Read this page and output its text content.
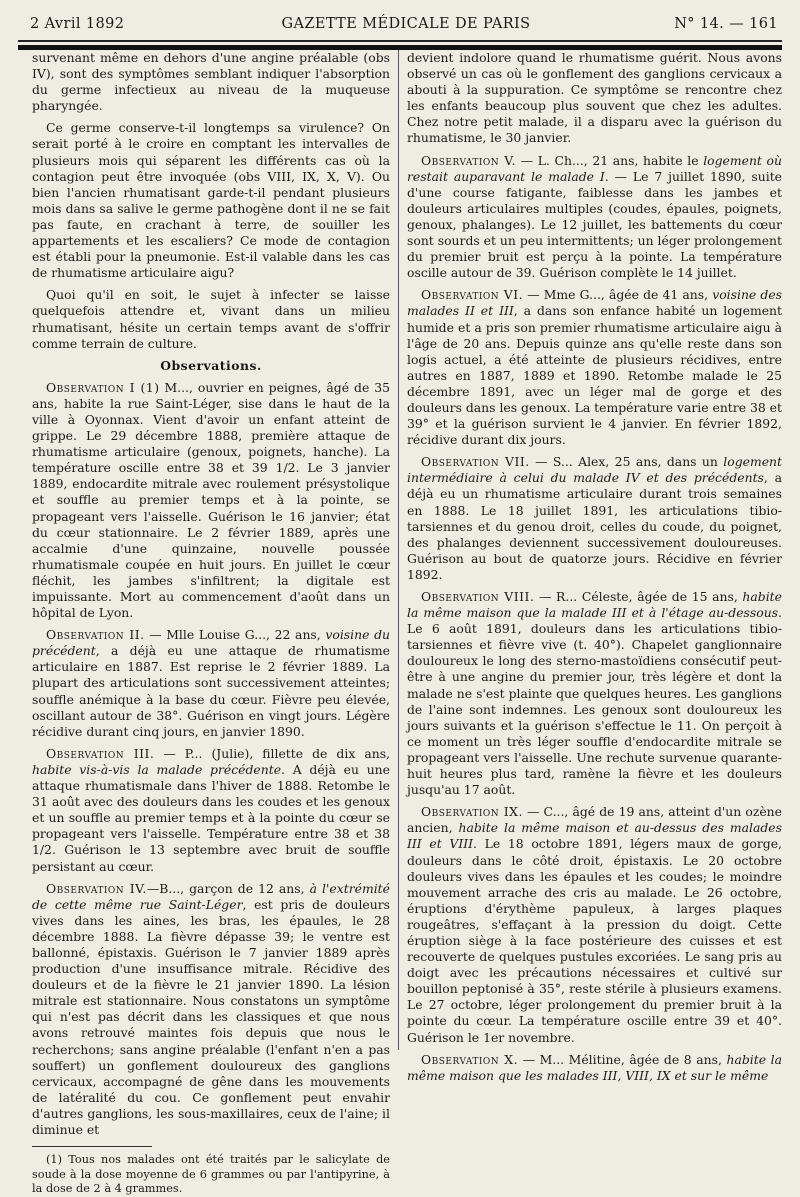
2 Avril 1892	GAZETTE MÉDICALE DE PARIS	N° 14. — 161

survenant même en dehors d'une angine préalable (obs IV), sont des symptômes semblant indiquer l'absorption du germe infectieux au niveau de la muqueuse pharyngée.

Ce germe conserve-t-il longtemps sa virulence? On serait porté à le croire en comptant les intervalles de plusieurs mois qui séparent les différents cas où la contagion peut être invoquée (obs VIII, IX, X, V). Ou bien l'ancien rhumatisant garde-t-il pendant plusieurs mois dans sa salive le germe pathogène dont il ne se fait pas faute, en crachant à terre, de souiller les appartements et les escaliers? Ce mode de contagion est établi pour la pneumonie. Est-il valable dans les cas de rhumatisme articulaire aigu?

Quoi qu'il en soit, le sujet à infecter se laisse quelquefois attendre et, vivant dans un milieu rhumatisant, hésite un certain temps avant de s'offrir comme terrain de culture.

Observations.

Observation I (1) M..., ouvrier en peignes, âgé de 35 ans, habite la rue Saint-Léger, sise dans le haut de la ville à Oyonnax. Vient d'avoir un enfant atteint de grippe. Le 29 décembre 1888, première attaque de rhumatisme articulaire (genoux, poignets, hanche). La température oscille entre 38 et 39 1/2. Le 3 janvier 1889, endocardite mitrale avec roulement présystolique et souffle au premier temps et à la pointe, se propageant vers l'aisselle. Guérison le 16 janvier; état du cœur stationnaire. Le 2 février 1889, après une accalmie d'une quinzaine, nouvelle poussée rhumatismale coupée en huit jours. En juillet le cœur fléchit, les jambes s'infiltrent; la digitale est impuissante. Mort au commencement d'août dans un hôpital de Lyon.

Observation II. — Mlle Louise G..., 22 ans, voisine du précédent, a déjà eu une attaque de rhumatisme articulaire en 1887. Est reprise le 2 février 1889. La plupart des articulations sont successivement atteintes; souffle anémique à la base du cœur. Fièvre peu élevée, oscillant autour de 38°. Guérison en vingt jours. Légère récidive durant cinq jours, en janvier 1890.

Observation III. — P... (Julie), fillette de dix ans, habite vis-à-vis la malade précédente. A déjà eu une attaque rhumatismale dans l'hiver de 1888. Retombe le 31 août avec des douleurs dans les coudes et les genoux et un souffle au premier temps et à la pointe du cœur se propageant vers l'aisselle. Température entre 38 et 38 1/2. Guérison le 13 septembre avec bruit de souffle persistant au cœur.

Observation IV.—B..., garçon de 12 ans, à l'extrémité de cette même rue Saint-Léger, est pris de douleurs vives dans les aines, les bras, les épaules, le 28 décembre 1888. La fièvre dépasse 39; le ventre est ballonné, épistaxis. Guérison le 7 janvier 1889 après production d'une insuffisance mitrale. Récidive des douleurs et de la fièvre le 21 janvier 1890. La lésion mitrale est stationnaire. Nous constatons un symptôme qui n'est pas décrit dans les classiques et que nous avons retrouvé maintes fois depuis que nous le recherchons; sans angine préalable (l'enfant n'en a pas souffert) un gonflement douloureux des ganglions cervicaux, accompagné de gêne dans les mouvements de latéralité du cou. Ce gonflement peut envahir d'autres ganglions, les sous-maxillaires, ceux de l'aine; il diminue et

(1) Tous nos malades ont été traités par le salicylate de soude à la dose moyenne de 6 grammes ou par l'antipyrine, à la dose de 2 à 4 grammes.

devient indolore quand le rhumatisme guérit. Nous avons observé un cas où le gonflement des ganglions cervicaux a abouti à la suppuration. Ce symptôme se rencontre chez les enfants beaucoup plus souvent que chez les adultes. Chez notre petit malade, il a disparu avec la guérison du rhumatisme, le 30 janvier.

Observation V. — L. Ch..., 21 ans, habite le logement où restait auparavant le malade I. — Le 7 juillet 1890, suite d'une course fatigante, faiblesse dans les jambes et douleurs articulaires multiples (coudes, épaules, poignets, genoux, phalanges). Le 12 juillet, les battements du cœur sont sourds et un peu intermittents; un léger prolongement du premier bruit est perçu à la pointe. La température oscille autour de 39. Guérison complète le 14 juillet.

Observation VI. — Mme G..., âgée de 41 ans, voisine des malades II et III, a dans son enfance habité un logement humide et a pris son premier rhumatisme articulaire aigu à l'âge de 20 ans. Depuis quinze ans qu'elle reste dans son logis actuel, a été atteinte de plusieurs récidives, entre autres en 1887, 1889 et 1890. Retombe malade le 25 décembre 1891, avec un léger mal de gorge et des douleurs dans les genoux. La température varie entre 38 et 39° et la guérison survient le 4 janvier. En février 1892, récidive durant dix jours.

Observation VII. — S... Alex, 25 ans, dans un logement intermédiaire à celui du malade IV et des précédents, a déjà eu un rhumatisme articulaire durant trois semaines en 1888. Le 18 juillet 1891, les articulations tibio-tarsiennes et du genou droit, celles du coude, du poignet, des phalanges deviennent successivement douloureuses. Guérison au bout de quatorze jours. Récidive en février 1892.

Observation VIII. — R... Céleste, âgée de 15 ans, habite la même maison que la malade III et à l'étage au-dessous. Le 6 août 1891, douleurs dans les articulations tibio-tarsiennes et fièvre vive (t. 40°). Chapelet ganglionnaire douloureux le long des sterno-mastoïdiens consécutif peut-être à une angine du premier jour, très légère et dont la malade ne s'est plainte que quelques heures. Les ganglions de l'aine sont indemnes. Les genoux sont douloureux les jours suivants et la guérison s'effectue le 11. On perçoit à ce moment un très léger souffle d'endocardite mitrale se propageant vers l'aisselle. Une rechute survenue quarante-huit heures plus tard, ramène la fièvre et les douleurs jusqu'au 17 août.

Observation IX. — C..., âgé de 19 ans, atteint d'un ozène ancien, habite la même maison et au-dessus des malades III et VIII. Le 18 octobre 1891, légers maux de gorge, douleurs dans le côté droit, épistaxis. Le 20 octobre douleurs vives dans les épaules et les coudes; le moindre mouvement arrache des cris au malade. Le 26 octobre, éruptions d'érythème papuleux, à larges plaques rougeâtres, s'effaçant à la pression du doigt. Cette éruption siège à la face postérieure des cuisses et est recouverte de quelques pustules excoriées. Le sang pris au doigt avec les précautions nécessaires et cultivé sur bouillon peptonisé à 35°, reste stérile à plusieurs examens. Le 27 octobre, léger prolongement du premier bruit à la pointe du cœur. La température oscille entre 39 et 40°. Guérison le 1er novembre.

Observation X. — M... Mélitine, âgée de 8 ans, habite la même maison que les malades III, VIII, IX et sur le même
